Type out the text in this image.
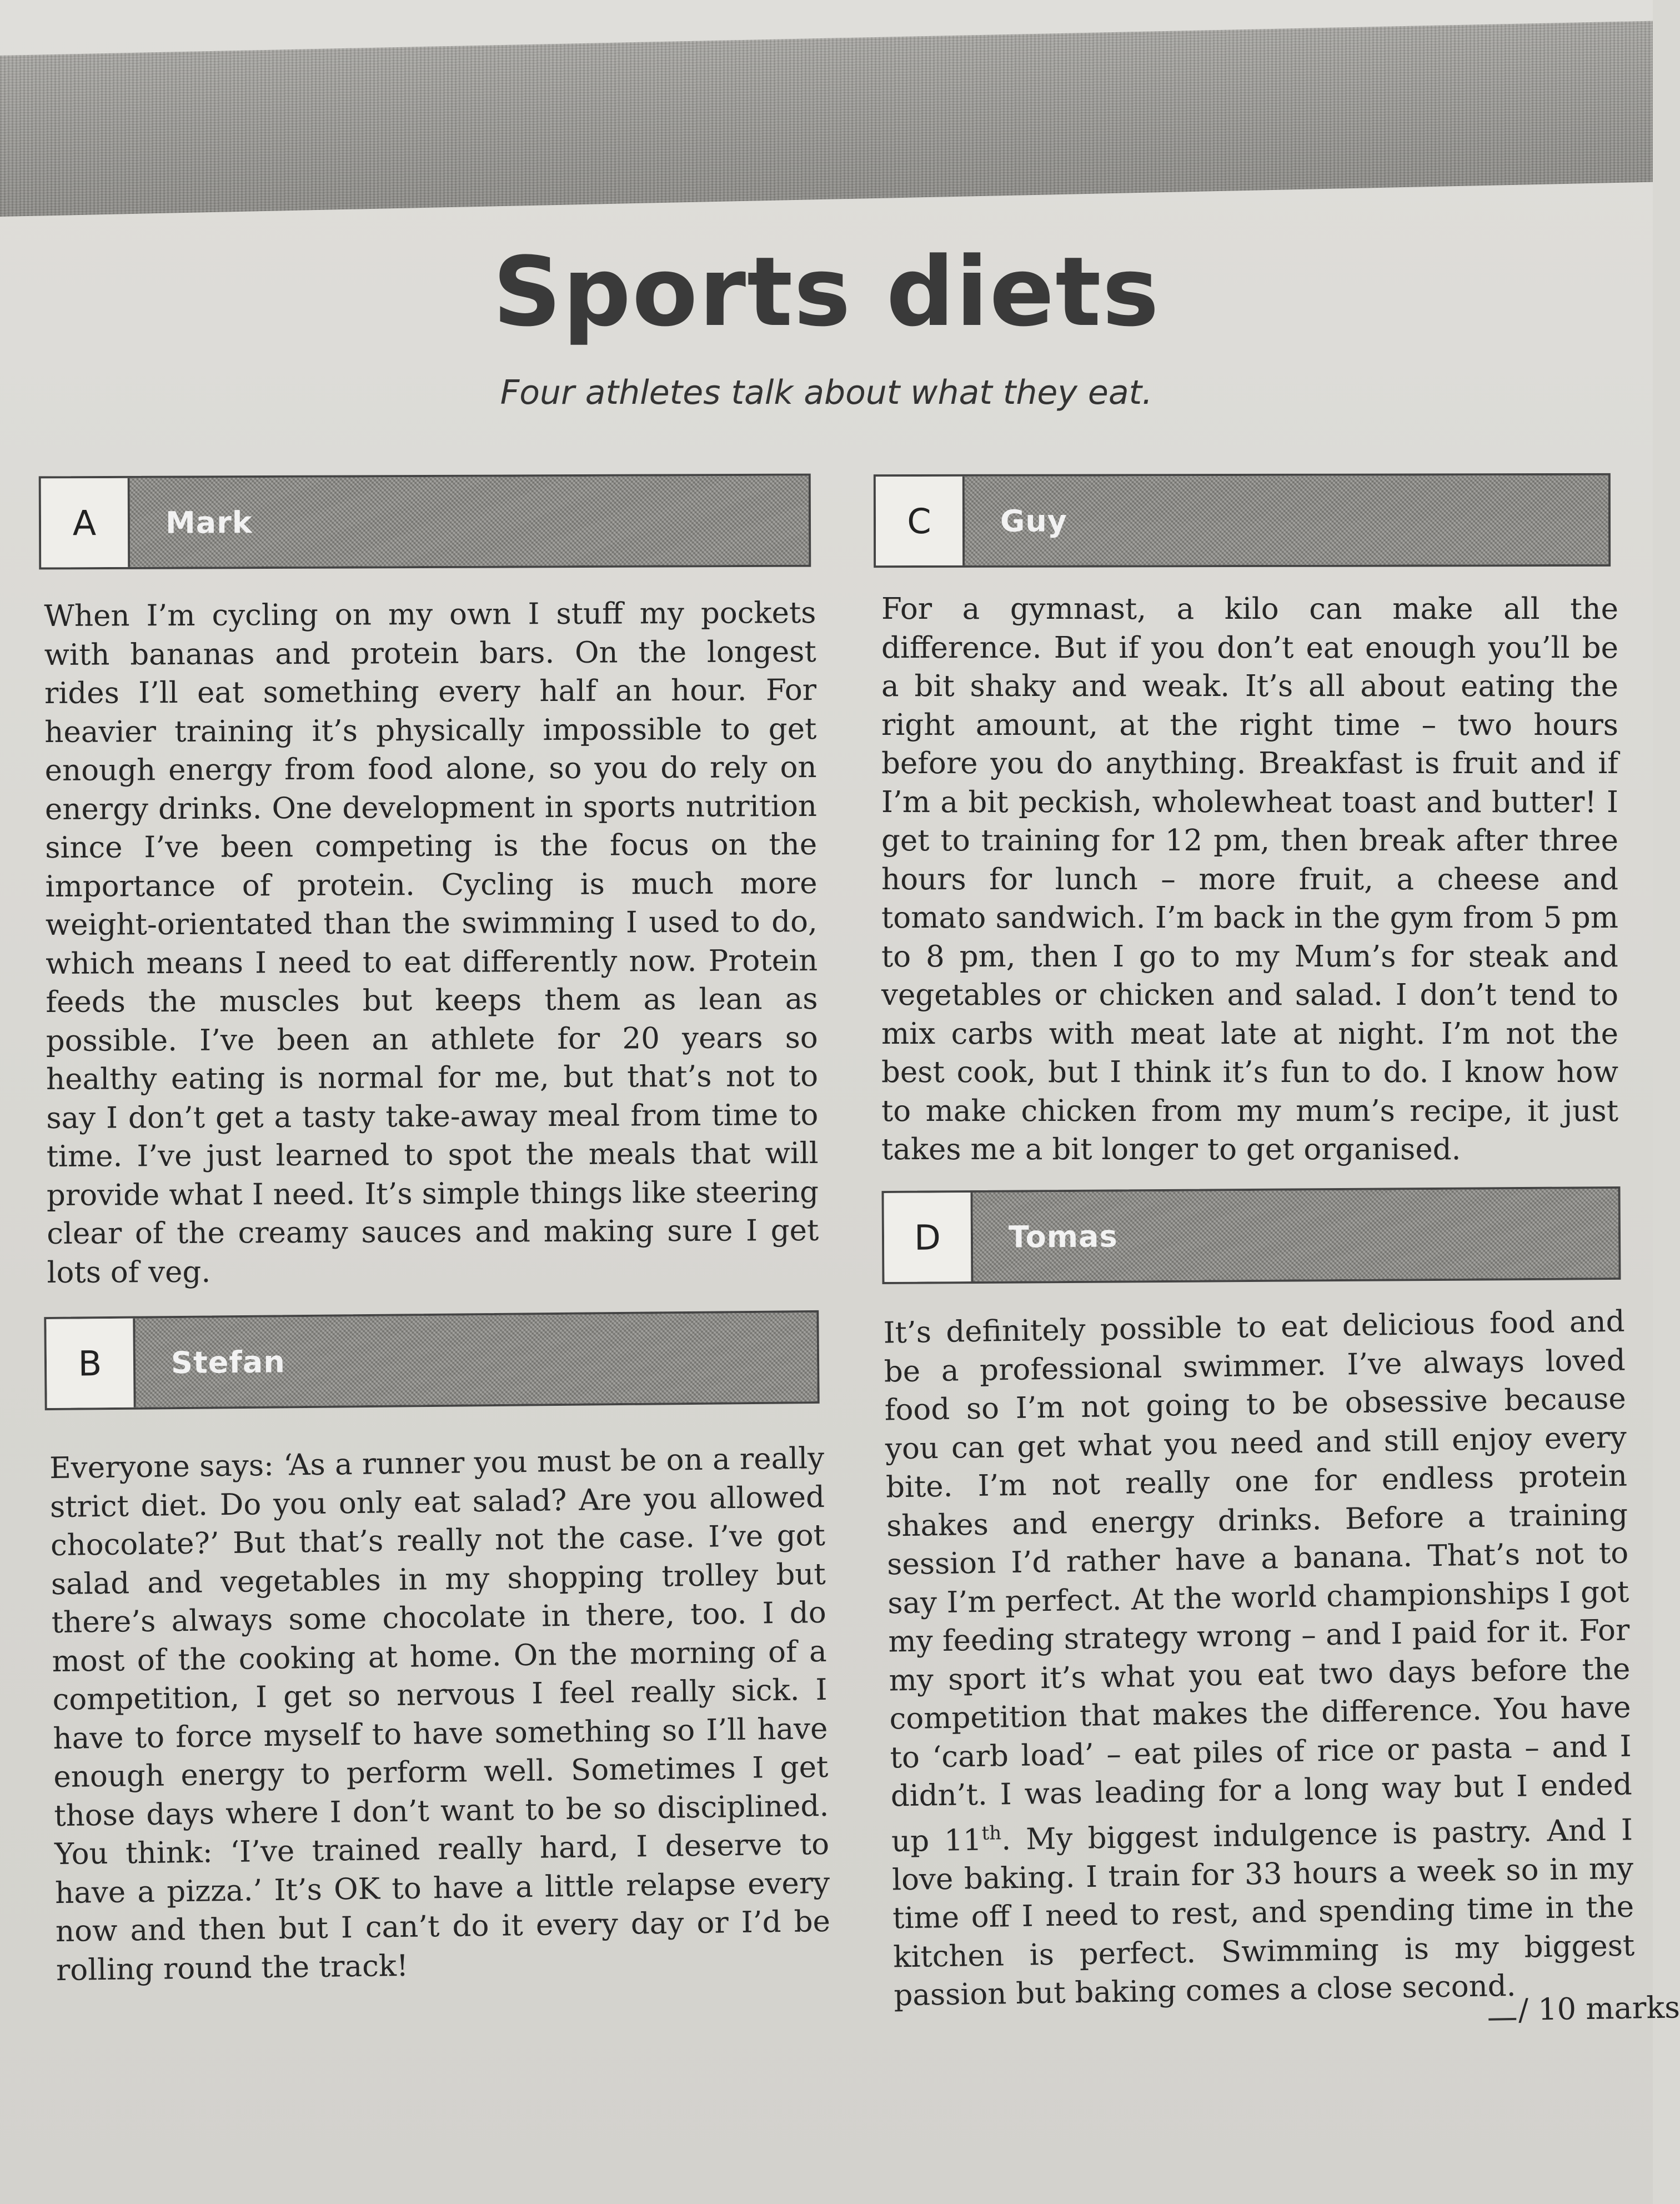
Sports diets
Four athletes talk about what they eat.
A	Mark
When I’m cycling on my own I stuff my pockets with bananas and protein bars. On the longest rides I’ll eat something every half an hour. For heavier training it’s physically impossible to get enough energy from food alone, so you do rely on energy drinks. One development in sports nutrition since I’ve been competing is the focus on the importance of protein. Cycling is much more weight-orientated than the swimming I used to do, which means I need to eat differently now. Protein feeds the muscles but keeps them as lean as possible. I’ve been an athlete for 20 years so healthy eating is normal for me, but that’s not to say I don’t get a tasty take-away meal from time to time. I’ve just learned to spot the meals that will provide what I need. It’s simple things like steering clear of the creamy sauces and making sure I get lots of veg.
B	Stefan
Everyone says: ‘As a runner you must be on a really strict diet. Do you only eat salad? Are you allowed chocolate?’ But that’s really not the case. I’ve got salad and vegetables in my shopping trolley but there’s always some chocolate in there, too. I do most of the cooking at home. On the morning of a competition, I get so nervous I feel really sick. I have to force myself to have something so I’ll have enough energy to perform well. Sometimes I get those days where I don’t want to be so disciplined. You think: ‘I’ve trained really hard, I deserve to have a pizza.’ It’s OK to have a little relapse every now and then but I can’t do it every day or I’d be rolling round the track!
C	Guy
For a gymnast, a kilo can make all the difference. But if you don’t eat enough you’ll be a bit shaky and weak. It’s all about eating the right amount, at the right time – two hours before you do anything. Breakfast is fruit and if I’m a bit peckish, wholewheat toast and butter! I get to training for 12 pm, then break after three hours for lunch – more fruit, a cheese and tomato sandwich. I’m back in the gym from 5 pm to 8 pm, then I go to my Mum’s for steak and vegetables or chicken and salad. I don’t tend to mix carbs with meat late at night. I’m not the best cook, but I think it’s fun to do. I know how to make chicken from my mum’s recipe, it just takes me a bit longer to get organised.
D	Tomas
It’s definitely possible to eat delicious food and be a professional swimmer. I’ve always loved food so I’m not going to be obsessive because you can get what you need and still enjoy every bite. I’m not really one for endless protein shakes and energy drinks. Before a training session I’d rather have a banana. That’s not to say I’m perfect. At the world championships I got my feeding strategy wrong – and I paid for it. For my sport it’s what you eat two days before the competition that makes the difference. You have to ‘carb load’ – eat piles of rice or pasta – and I didn’t. I was leading for a long way but I ended up 11th. My biggest indulgence is pastry. And I love baking. I train for 33 hours a week so in my time off I need to rest, and spending time in the kitchen is perfect. Swimming is my biggest passion but baking comes a close second. / 10 marks
